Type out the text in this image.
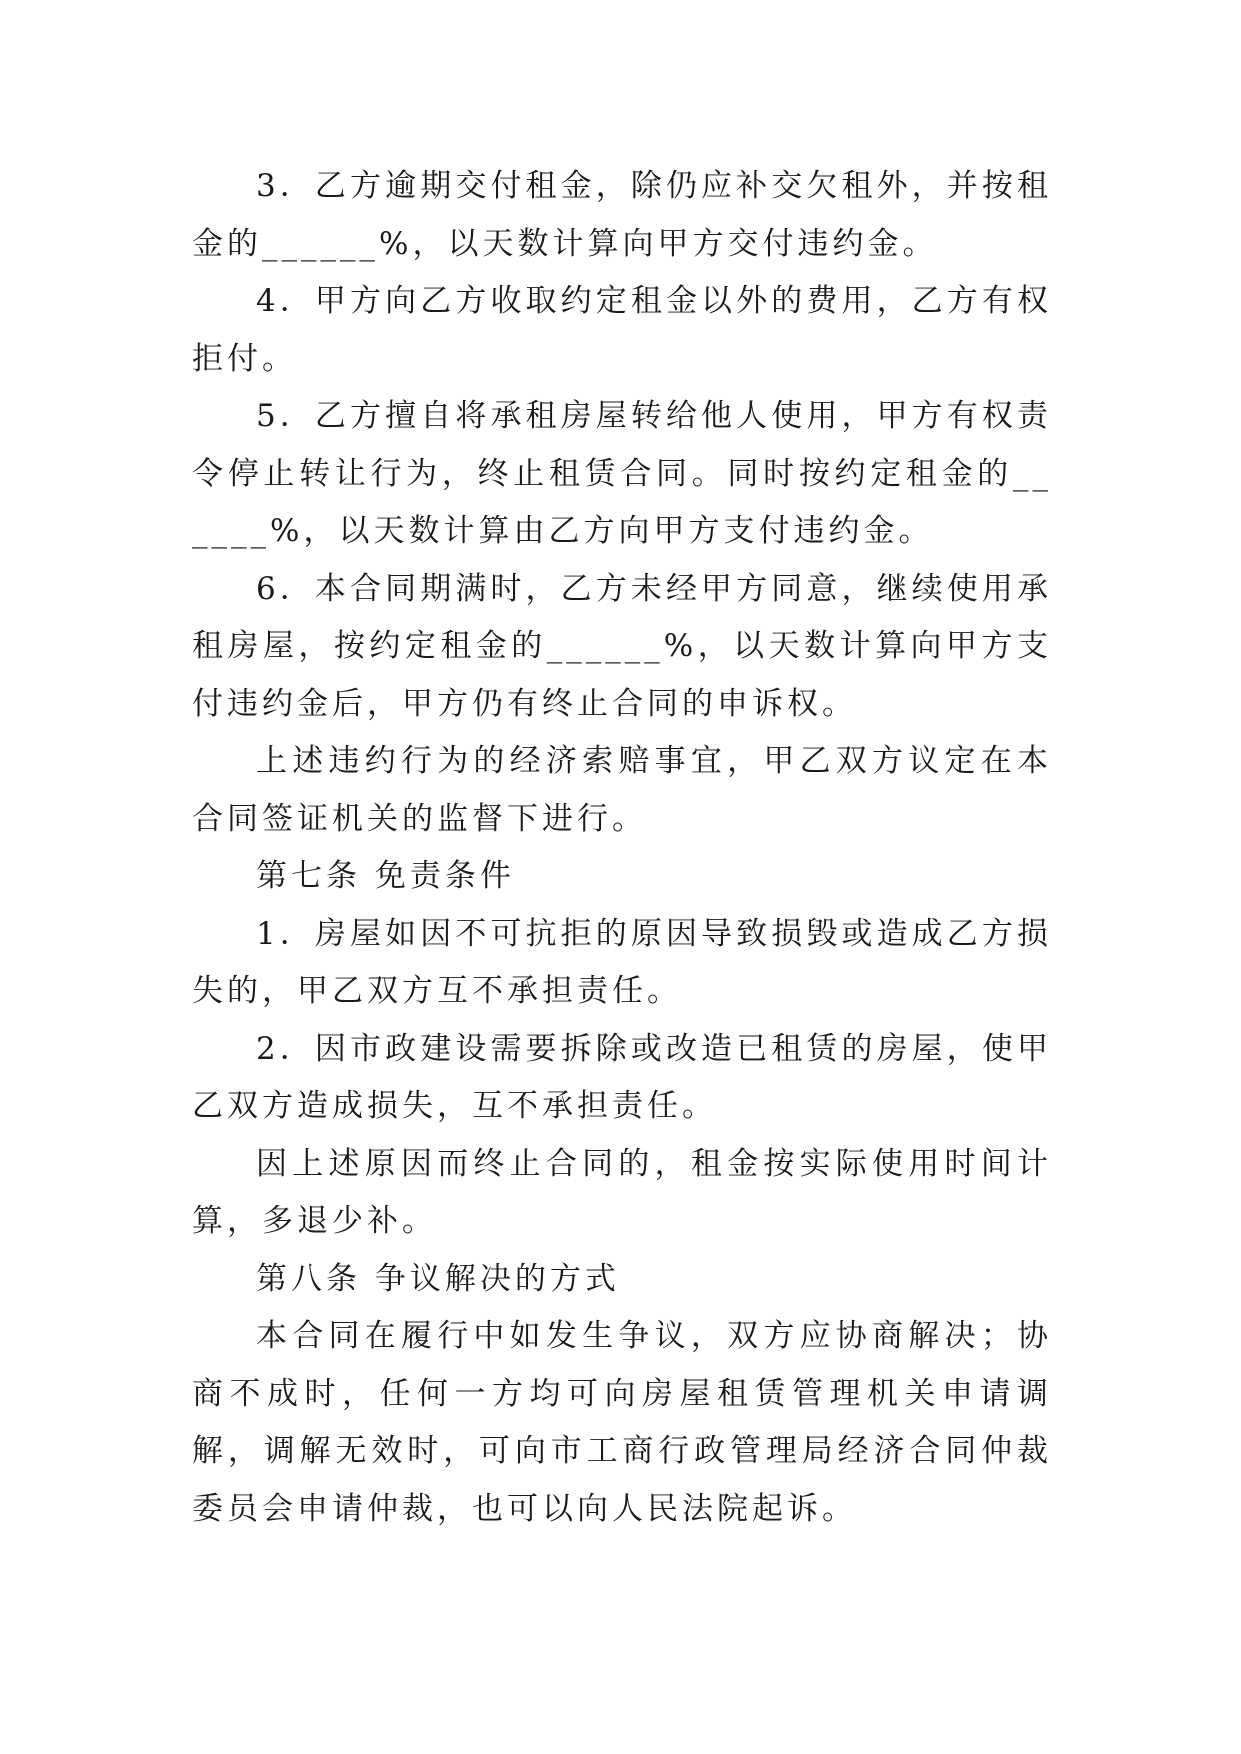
3．乙方逾期交付租金，除仍应补交欠租外，并按租金的______%，以天数计算向甲方交付违约金。

4．甲方向乙方收取约定租金以外的费用，乙方有权拒付。

5．乙方擅自将承租房屋转给他人使用，甲方有权责令停止转让行为，终止租赁合同。同时按约定租金的______%，以天数计算由乙方向甲方支付违约金。

6．本合同期满时，乙方未经甲方同意，继续使用承租房屋，按约定租金的______%，以天数计算向甲方支付违约金后，甲方仍有终止合同的申诉权。

上述违约行为的经济索赔事宜，甲乙双方议定在本合同签证机关的监督下进行。

第七条 免责条件

1．房屋如因不可抗拒的原因导致损毁或造成乙方损失的，甲乙双方互不承担责任。

2．因市政建设需要拆除或改造已租赁的房屋，使甲乙双方造成损失，互不承担责任。

因上述原因而终止合同的，租金按实际使用时间计算，多退少补。

第八条 争议解决的方式

本合同在履行中如发生争议，双方应协商解决；协商不成时，任何一方均可向房屋租赁管理机关申请调解，调解无效时，可向市工商行政管理局经济合同仲裁委员会申请仲裁，也可以向人民法院起诉。
